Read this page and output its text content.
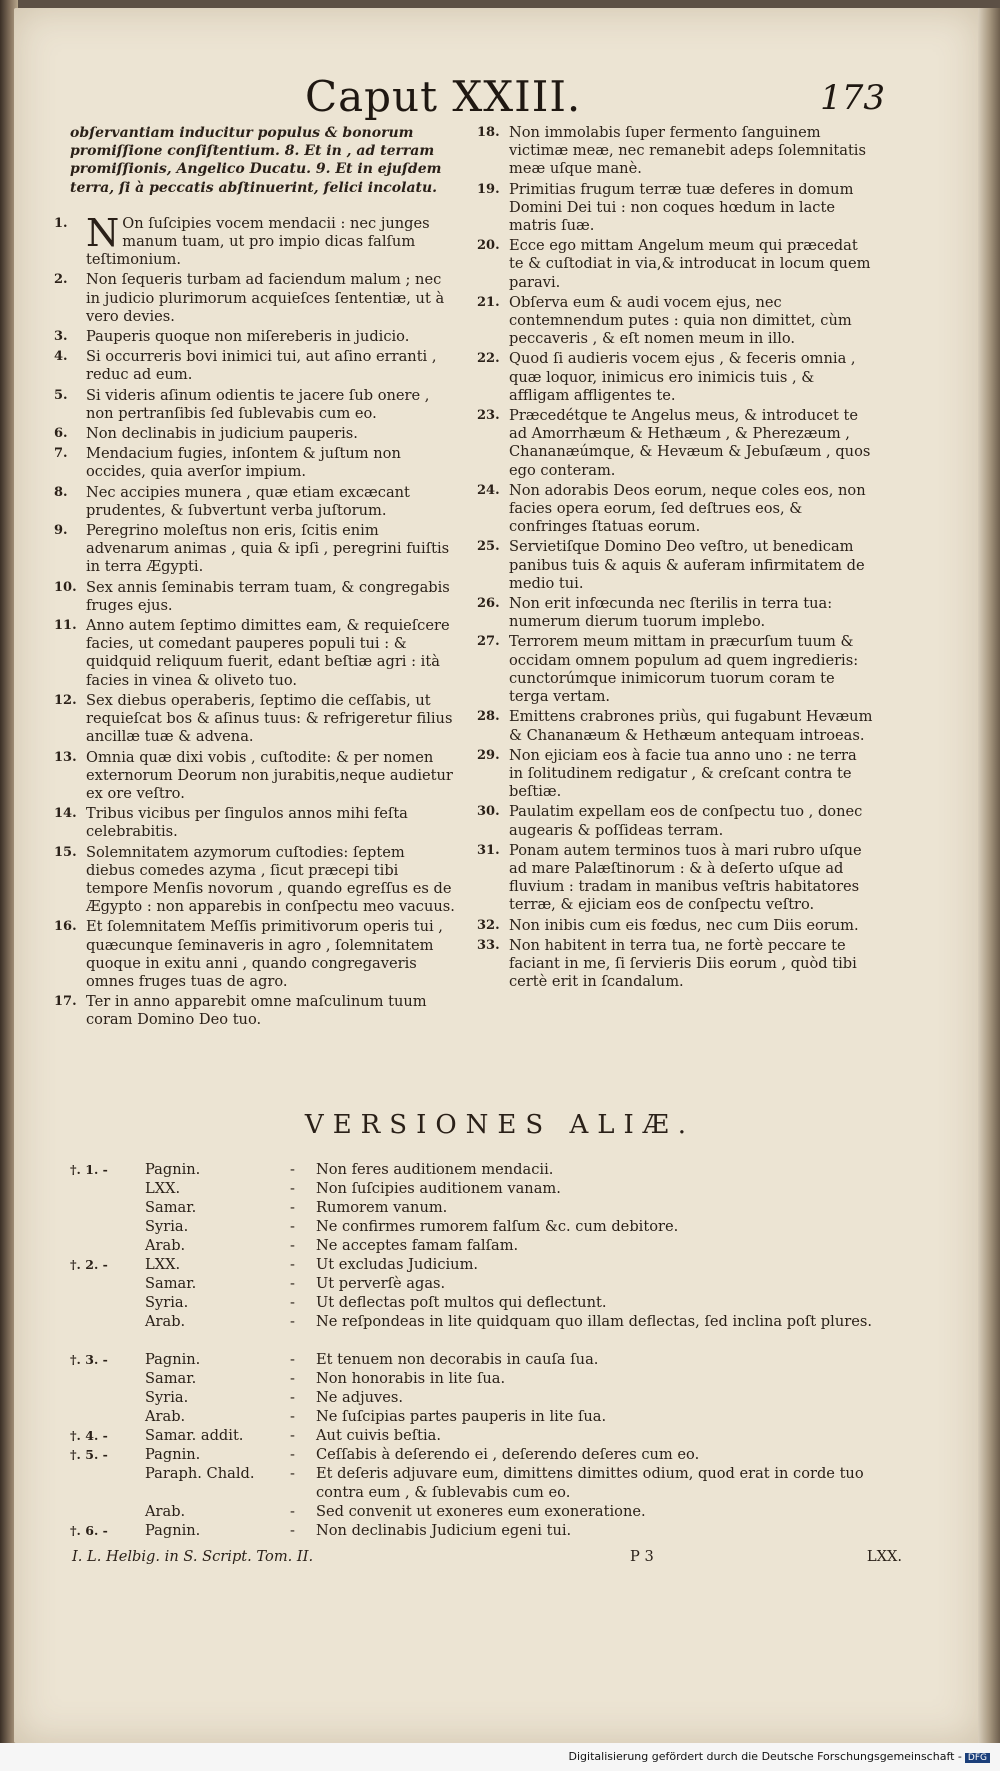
Caput XXIII.	173
obſervantiam inducitur populus & bonorum promiſſione conſiſtentium. 8. Et in , ad terram promiſſionis, Angelico Ducatu. 9. Et in ejuſdem terra, ſi à peccatis abſtinuerint, felici incolatu.
1. N On ſuſcipies vocem mendacii : nec junges manum tuam, ut pro impio dicas falſum teſtimonium.
2. Non ſequeris turbam ad faciendum malum ; nec in judicio plurimorum acquieſces ſententiæ, ut à vero devies.
3. Pauperis quoque non miſereberis in judicio.
4. Si occurreris bovi inimici tui, aut aſino erranti , reduc ad eum.
5. Si videris aſinum odientis te jacere ſub onere , non pertranſibis ſed ſublevabis cum eo.
6. Non declinabis in judicium pauperis.
7. Mendacium fugies, inſontem & juſtum non occides, quia averſor impium.
8. Nec accipies munera , quæ etiam excæcant prudentes, & ſubvertunt verba juſtorum.
9. Peregrino moleſtus non eris, ſcitis enim advenarum animas , quia & ipſi , peregrini fuiſtis in terra Ægypti.
10. Sex annis ſeminabis terram tuam, & congregabis fruges ejus.
11. Anno autem ſeptimo dimittes eam, & requieſcere facies, ut comedant pauperes populi tui : & quidquid reliquum fuerit, edant beſtiæ agri : ità facies in vinea & oliveto tuo.
12. Sex diebus operaberis, ſeptimo die ceſſabis, ut requieſcat bos & aſinus tuus: & refrigeretur filius ancillæ tuæ & advena.
13. Omnia quæ dixi vobis , cuſtodite: & per nomen externorum Deorum non jurabitis,neque audietur ex ore veſtro.
14. Tribus vicibus per ſingulos annos mihi feſta celebrabitis.
15. Solemnitatem azymorum cuſtodies: ſeptem diebus comedes azyma , ſicut præcepi tibi tempore Menſis novorum , quando egreſſus es de Ægypto : non apparebis in conſpectu meo vacuus.
16. Et ſolemnitatem Meſſis primitivorum operis tui , quæcunque ſeminaveris in agro , ſolemnitatem quoque in exitu anni , quando congregaveris omnes fruges tuas de agro.
17. Ter in anno apparebit omne maſculinum tuum coram Domino Deo tuo.
18. Non immolabis ſuper fermento ſanguinem victimæ meæ, nec remanebit adeps ſolemnitatis meæ uſque manè.
19. Primitias frugum terræ tuæ deferes in domum Domini Dei tui : non coques hœdum in lacte matris ſuæ.
20. Ecce ego mittam Angelum meum qui præcedat te & cuſtodiat in via,& introducat in locum quem paravi.
21. Obſerva eum & audi vocem ejus, nec contemnendum putes : quia non dimittet, cùm peccaveris , & eſt nomen meum in illo.
22. Quod ſi audieris vocem ejus , & feceris omnia , quæ loquor, inimicus ero inimicis tuis , & affligam affligentes te.
23. Præcedétque te Angelus meus, & introducet te ad Amorrhæum & Hethæum , & Pherezæum , Chananæúmque, & Hevæum & Jebuſæum , quos ego conteram.
24. Non adorabis Deos eorum, neque coles eos, non facies opera eorum, ſed deſtrues eos, & confringes ſtatuas eorum.
25. Servietiſque Domino Deo veſtro, ut benedicam panibus tuis & aquis & auferam infirmitatem de medio tui.
26. Non erit infœcunda nec ſterilis in terra tua: numerum dierum tuorum implebo.
27. Terrorem meum mittam in præcurſum tuum & occidam omnem populum ad quem ingredieris: cunctorúmque inimicorum tuorum coram te terga vertam.
28. Emittens crabrones priùs, qui fugabunt Hevæum & Chananæum & Hethæum antequam introeas.
29. Non ejiciam eos à facie tua anno uno : ne terra in ſolitudinem redigatur , & creſcant contra te beſtiæ.
30. Paulatim expellam eos de conſpectu tuo , donec augearis & poſſideas terram.
31. Ponam autem terminos tuos à mari rubro uſque ad mare Palæſtinorum : & à deſerto uſque ad fluvium : tradam in manibus veſtris habitatores terræ, & ejiciam eos de conſpectu veſtro.
32. Non inibis cum eis fœdus, nec cum Diis eorum.
33. Non habitent in terra tua, ne fortè peccare te faciant in me, ſi ſervieris Diis eorum , quòd tibi certè erit in ſcandalum.
VERSIONES ALIÆ.
†. 1. -	Pagnin.	-	Non feres auditionem mendacii.
LXX.	-	Non ſuſcipies auditionem vanam.
Samar.	-	Rumorem vanum.
Syria.	-	Ne confirmes rumorem falſum &c. cum debitore.
Arab.	-	Ne acceptes famam falſam.
†. 2. -	LXX.	-	Ut excludas Judicium.
Samar.	-	Ut perverſè agas.
Syria.	-	Ut deflectas poſt multos qui deflectunt.
Arab.	-	Ne reſpondeas in lite quidquam quo illam deflectas, ſed inclina poſt plures.
†. 3. -	Pagnin.	-	Et tenuem non decorabis in cauſa ſua.
Samar.	-	Non honorabis in lite ſua.
Syria.	-	Ne adjuves.
Arab.	-	Ne ſuſcipias partes pauperis in lite ſua.
†. 4. -	Samar. addit.	-	Aut cuivis beſtia.
†. 5. -	Pagnin.	-	Ceſſabis à deſerendo ei , deſerendo deſeres cum eo.
Paraph. Chald.	-	Et deſeris adjuvare eum, dimittens dimittes odium, quod erat in corde tuo contra eum , & ſublevabis cum eo.
Arab.	-	Sed convenit ut exoneres eum exoneratione.
†. 6. -	Pagnin.	-	Non declinabis Judicium egeni tui.
I. L. Helbig. in S. Script. Tom. II.	P 3	LXX.
Digitalisierung gefördert durch die Deutsche Forschungsgemeinschaft - DFG
